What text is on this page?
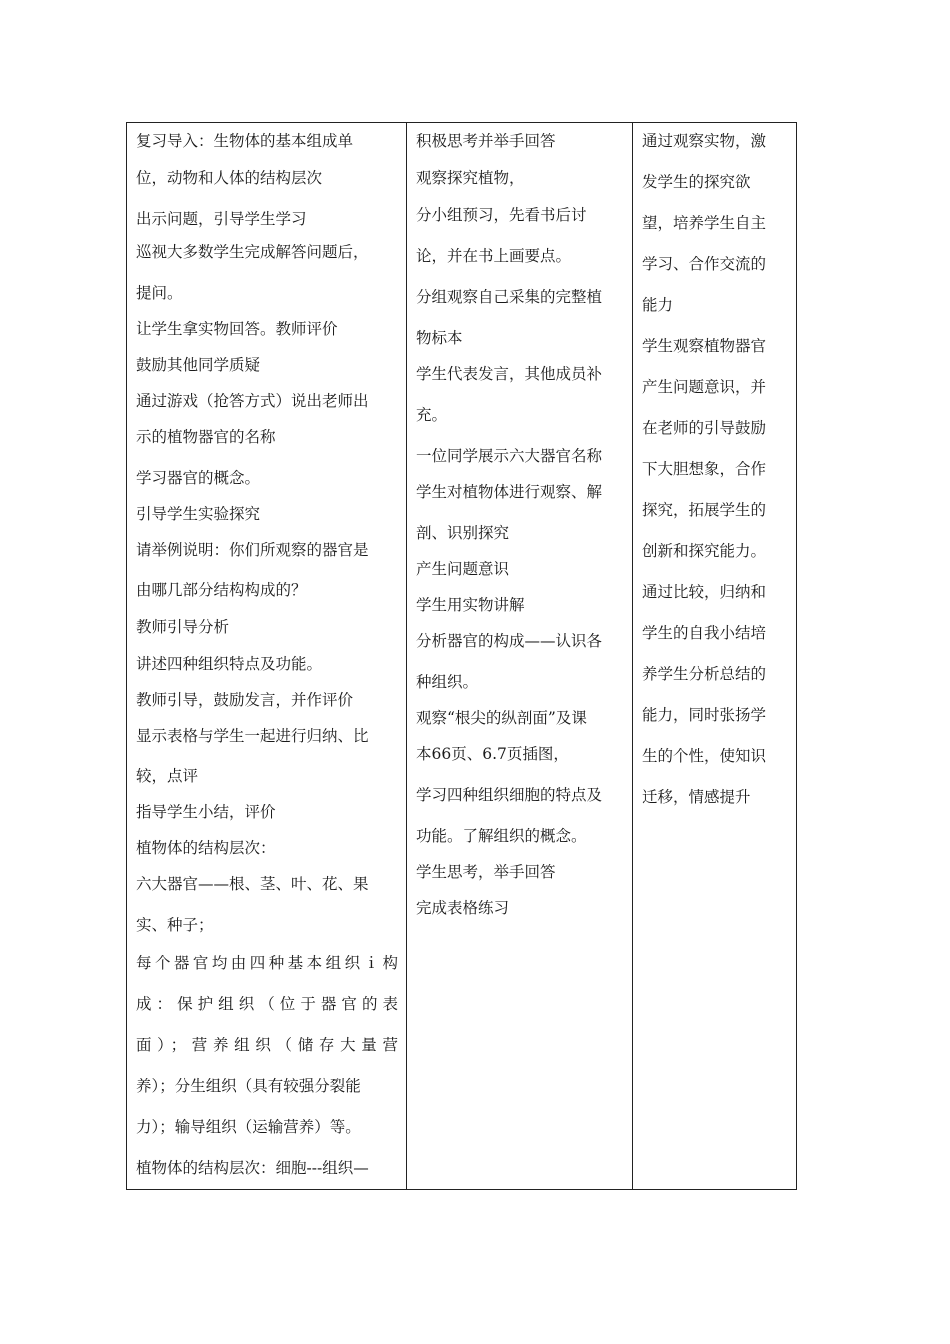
复习导入：生物体的基本组成单
位，动物和人体的结构层次
出示问题，引导学生学习
巡视大多数学生完成解答问题后，
提问。
让学生拿实物回答。教师评价
鼓励其他同学质疑
通过游戏（抢答方式）说出老师出
示的植物器官的名称
学习器官的概念。
引导学生实验探究
请举例说明：你们所观察的器官是
由哪几部分结构构成的？
教师引导分析
讲述四种组织特点及功能。
教师引导，鼓励发言，并作评价
显示表格与学生一起进行归纳、比
较，点评
指导学生小结，评价
植物体的结构层次：
六大器官——根、茎、叶、花、果
实、种子；
每个器官均由四种基本组织ｉ构
成：保护组织（位于器官的表
面）；营养组织（储存大量营
养）；分生组织（具有较强分裂能
力）；输导组织（运输营养）等。
植物体的结构层次：细胞---组织—

积极思考并举手回答
观察探究植物，
分小组预习，先看书后讨
论，并在书上画要点。
分组观察自己采集的完整植
物标本
学生代表发言，其他成员补
充。
一位同学展示六大器官名称
学生对植物体进行观察、解
剖、识别探究
产生问题意识
学生用实物讲解
分析器官的构成——认识各
种组织。
观察“根尖的纵剖面”及课
本66页、6.7页插图，
学习四种组织细胞的特点及
功能。了解组织的概念。
学生思考，举手回答
完成表格练习

通过观察实物，激
发学生的探究欲
望，培养学生自主
学习、合作交流的
能力
学生观察植物器官
产生问题意识，并
在老师的引导鼓励
下大胆想象，合作
探究，拓展学生的
创新和探究能力。
通过比较，归纳和
学生的自我小结培
养学生分析总结的
能力，同时张扬学
生的个性，使知识
迁移，情感提升
